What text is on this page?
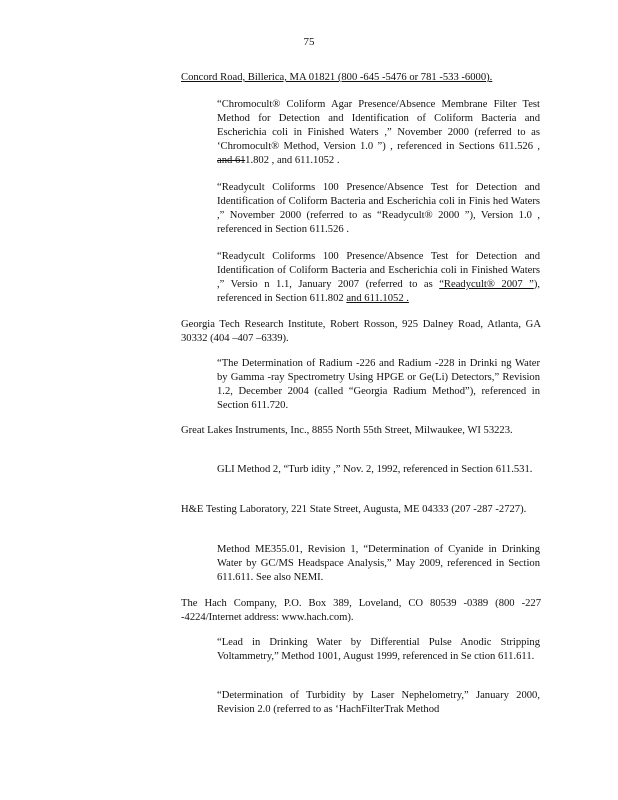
75
Concord Road, Billerica, MA 01821 (800 -645 -5476 or 781 -533 -6000).
“Chromocult® Coliform Agar Presence/Absence Membrane Filter Test Method for Detection and Identification of Coliform Bacteria and Escherichia coli in Finished Waters ,” November 2000 (referred to as ‘Chromocult® Method, Version 1.0 ”) , referenced in Sections 611.526 , and 611.802 , and 611.1052 .
“Readycult Coliforms 100 Presence/Absence Test for Detection and Identification of Coliform Bacteria and Escherichia coli in Finis hed Waters ,” November 2000 (referred to as “Readycult® 2000 ”), Version 1.0 , referenced in Section 611.526 .
“Readycult Coliforms 100 Presence/Absence Test for Detection and Identification of Coliform Bacteria and Escherichia coli in Finished Waters ,” Versio n 1.1, January 2007 (referred to as “Readycult® 2007 ”), referenced in Section 611.802 and 611.1052 .
Georgia Tech Research Institute, Robert Rosson, 925 Dalney Road, Atlanta, GA 30332 (404 –407 –6339).
“The Determination of Radium -226 and Radium -228 in Drinki ng Water by Gamma -ray Spectrometry Using HPGE or Ge(Li) Detectors,” Revision 1.2, December 2004 (called “Georgia Radium Method”), referenced in Section 611.720.
Great Lakes Instruments, Inc., 8855 North 55th Street, Milwaukee, WI 53223.
GLI Method 2, “Turb idity ,” Nov. 2, 1992, referenced in Section 611.531.
H&E Testing Laboratory, 221 State Street, Augusta, ME 04333 (207 -287 -2727).
Method ME355.01, Revision 1, “Determination of Cyanide in Drinking Water by GC/MS Headspace Analysis,” May 2009, referenced in Section 611.611. See also NEMI.
The Hach Company, P.O. Box 389, Loveland, CO 80539 -0389 (800 -227 -4224/Internet address: www.hach.com).
“Lead in Drinking Water by Differential Pulse Anodic Stripping Voltammetry,” Method 1001, August 1999, referenced in Se ction 611.611.
“Determination of Turbidity by Laser Nephelometry,” January 2000, Revision 2.0 (referred to as ‘HachFilterTrak Method
